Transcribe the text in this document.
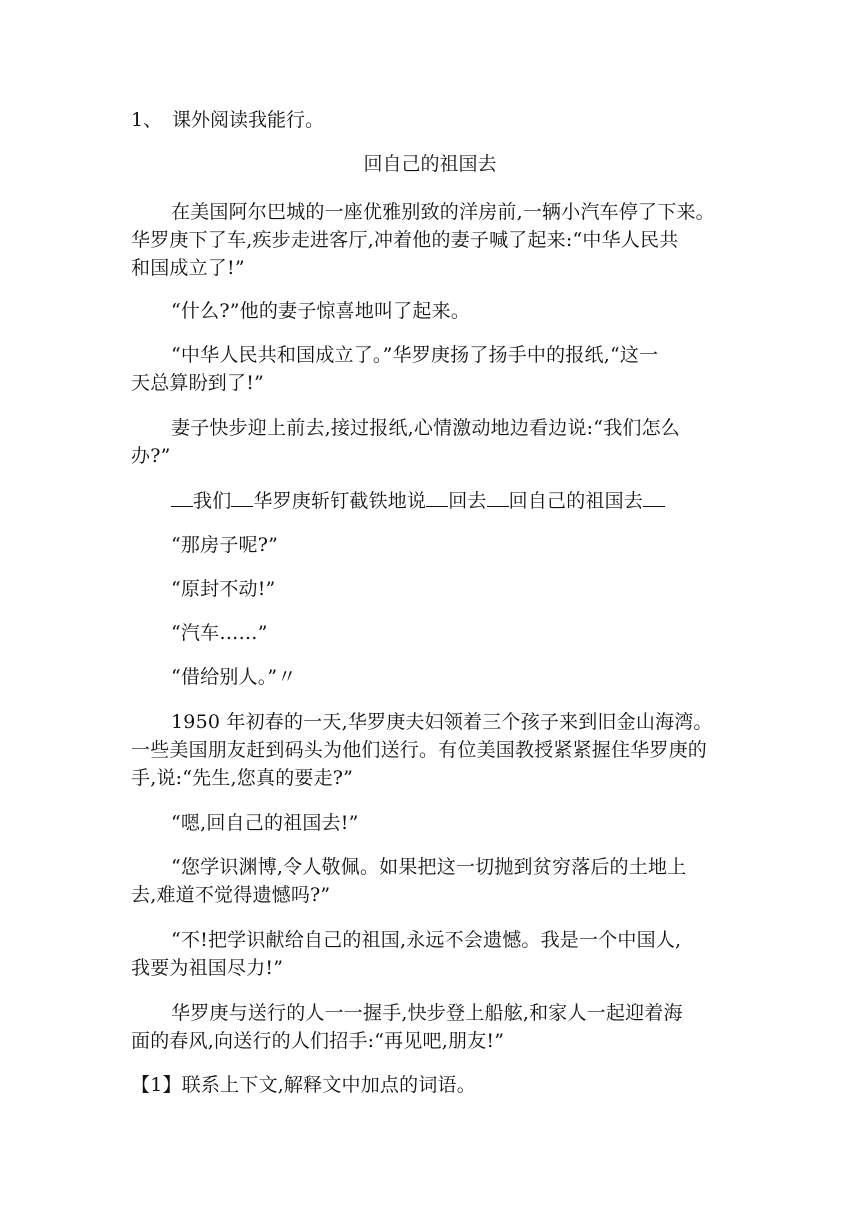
1、 课外阅读我能行。
回自己的祖国去
在美国阿尔巴城的一座优雅别致的洋房前,一辆小汽车停了下来。
华罗庚下了车,疾步走进客厅,冲着他的妻子喊了起来:“中华人民共
和国成立了!”
“什么?”他的妻子惊喜地叫了起来。
“中华人民共和国成立了。”华罗庚扬了扬手中的报纸,“这一
天总算盼到了!”
妻子快步迎上前去,接过报纸,心情激动地边看边说:“我们怎么
办?”
我们 华罗庚斩钉截铁地说 回去 回自己的祖国去
“那房子呢?”
“原封不动!”
“汽车……”
“借给别人。”〃
1950 年初春的一天,华罗庚夫妇领着三个孩子来到旧金山海湾。
一些美国朋友赶到码头为他们送行。有位美国教授紧紧握住华罗庚的
手,说:“先生,您真的要走?”
“嗯,回自己的祖国去!”
“您学识渊博,令人敬佩。如果把这一切抛到贫穷落后的土地上
去,难道不觉得遗憾吗?”
“不!把学识献给自己的祖国,永远不会遗憾。我是一个中国人,
我要为祖国尽力!”
华罗庚与送行的人一一握手,快步登上船舷,和家人一起迎着海
面的春风,向送行的人们招手:“再见吧,朋友!”
【1】联系上下文,解释文中加点的词语。
